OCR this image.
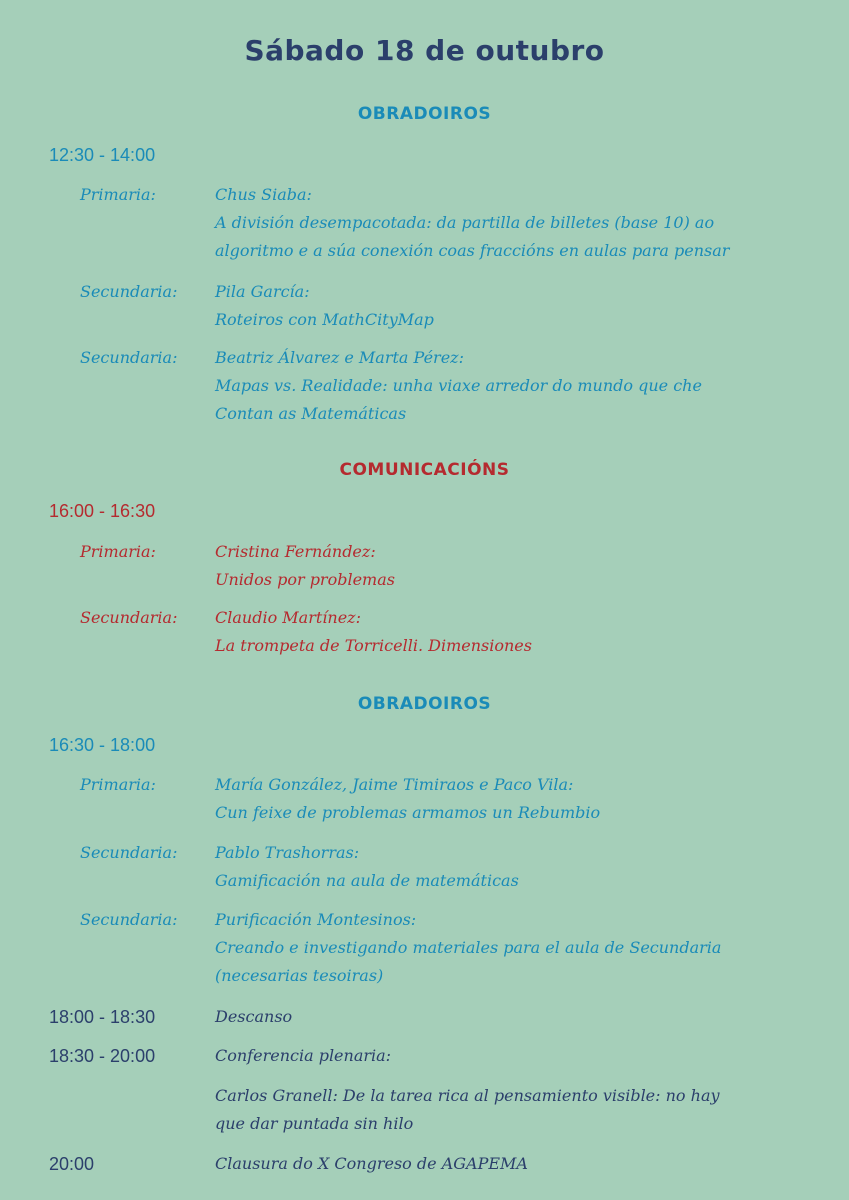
Sábado 18 de outubro
OBRADOIROS
12:30 - 14:00
Primaria:	Chus Siaba:
A división desempacotada: da partilla de billetes (base 10) ao
algoritmo e a súa conexión coas fraccións en aulas para pensar
Secundaria: Pila García:
Roteiros con MathCityMap
Secundaria: Beatriz Álvarez e Marta Pérez:
Mapas vs. Realidade: unha viaxe arredor do mundo que che
Contan as Matemáticas
COMUNICACIÓNS
16:00 - 16:30
Primaria:	Cristina Fernández:
Unidos por problemas
Secundaria: Claudio Martínez:
La trompeta de Torricelli. Dimensiones
OBRADOIROS
16:30 - 18:00
Primaria:	María González, Jaime Timiraos e Paco Vila:
Cun feixe de problemas armamos un Rebumbio
Secundaria: Pablo Trashorras:
Gamificación na aula de matemáticas
Secundaria: Purificación Montesinos:
Creando e investigando materiales para el aula de Secundaria
(necesarias tesoiras)
18:00 - 18:30	Descanso
18:30 - 20:00	Conferencia plenaria:
Carlos Granell: De la tarea rica al pensamiento visible: no hay
que dar puntada sin hilo
20:00	Clausura do X Congreso de AGAPEMA
